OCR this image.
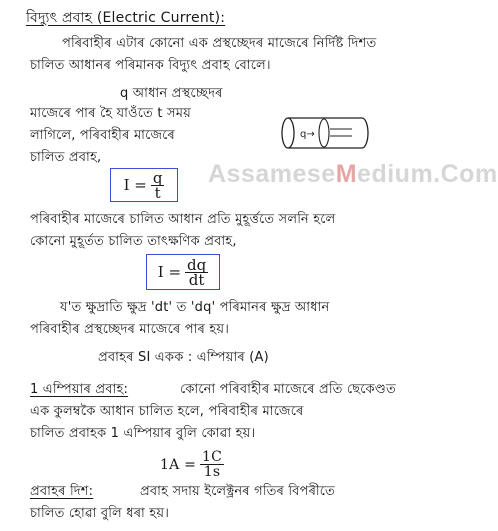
বিদ্যুৎ প্ৰবাহ (Electric Current):
পৰিবাহীৰ এটাৰ কোনো এক প্ৰস্থচ্ছেদৰ মাজেৰে নিৰ্দিষ্ট দিশত
চালিত আধানৰ পৰিমানক বিদ্যুৎ প্ৰবাহ বোলে।
q আধান প্ৰস্থচ্ছেদৰ
মাজেৰে পাৰ হৈ যাওঁতে t সময়
লাগিলে, পৰিবাহীৰ মাজেৰে
চালিত প্ৰবাহ,
$I = \frac{q}{t}$
q→
AssameseMedium.Com
পৰিবাহীৰ মাজেৰে চালিত আধান প্ৰতি মুহূৰ্ত্ততে সলনি হলে
কোনো মুহূৰ্তত চালিত তাৎক্ষণিক প্ৰবাহ,
$I = \frac{dq}{dt}$
য'ত ক্ষুদ্ৰাতি ক্ষুদ্ৰ 'dt' ত 'dq' পৰিমানৰ ক্ষুদ্ৰ আধান
পৰিবাহীৰ প্ৰস্থচ্ছেদৰ মাজেৰে পাৰ হয়।
প্ৰবাহৰ SI একক : এম্পিয়াৰ (A)
1 এম্পিয়াৰ প্ৰবাহ:	কোনো পৰিবাহীৰ মাজেৰে প্ৰতি ছেকেণ্ডত
এক কুলম্বকৈ আধান চালিত হলে, পৰিবাহীৰ মাজেৰে
চালিত প্ৰবাহক 1 এম্পিয়াৰ বুলি কোৱা হয়।
$1A = \frac{1C}{1s}$
প্ৰবাহৰ দিশ:	প্ৰবাহ সদায় ইলেক্ট্ৰনৰ গতিৰ বিপৰীতে
চালিত হোৱা বুলি ধৰা হয়।
